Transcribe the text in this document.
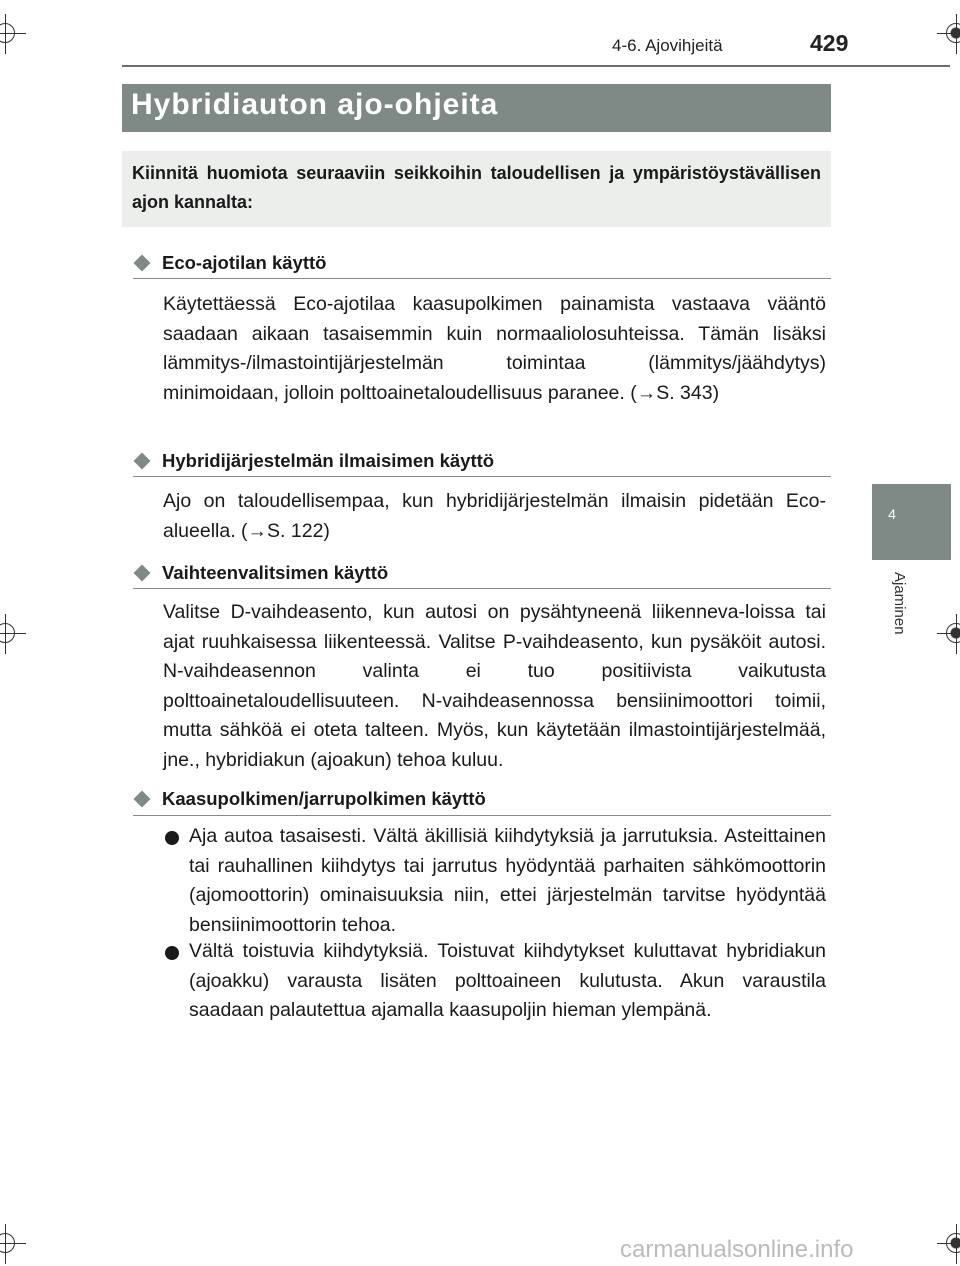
4-6. Ajovihjeitä	429
4
Ajaminen
Hybridiauton ajo-ohjeita
Kiinnitä huomiota seuraaviin seikkoihin taloudellisen ja ympäristöystävällisen ajon kannalta:
Eco-ajotilan käyttö
Käytettäessä Eco-ajotilaa kaasupolkimen painamista vastaava vääntö saadaan aikaan tasaisemmin kuin normaaliolosuhteissa. Tämän lisäksi lämmitys-/ilmastointijärjestelmän toimintaa (lämmitys/jäähdytys) minimoidaan, jolloin polttoainetaloudellisuus paranee. (→S. 343)
Hybridijärjestelmän ilmaisimen käyttö
Ajo on taloudellisempaa, kun hybridijärjestelmän ilmaisin pidetään Eco-alueella. (→S. 122)
Vaihteenvalitsimen käyttö
Valitse D-vaihdeasento, kun autosi on pysähtyneenä liikenneva-loissa tai ajat ruuhkaisessa liikenteessä. Valitse P-vaihdeasento, kun pysäköit autosi. N-vaihdeasennon valinta ei tuo positiivista vaikutusta polttoainetaloudellisuuteen. N-vaihdeasennossa bensiinimoottori toimii, mutta sähköä ei oteta talteen. Myös, kun käytetään ilmastointijärjestelmää, jne., hybridiakun (ajoakun) tehoa kuluu.
Kaasupolkimen/jarrupolkimen käyttö
Aja autoa tasaisesti. Vältä äkillisiä kiihdytyksiä ja jarrutuksia. Asteittainen tai rauhallinen kiihdytys tai jarrutus hyödyntää parhaiten sähkömoottorin (ajomoottorin) ominaisuuksia niin, ettei järjestelmän tarvitse hyödyntää bensiinimoottorin tehoa.
Vältä toistuvia kiihdytyksiä. Toistuvat kiihdytykset kuluttavat hybridiakun (ajoakku) varausta lisäten polttoaineen kulutusta. Akun varaustila saadaan palautettua ajamalla kaasupoljin hieman ylempänä.
carmanualsonline.info
